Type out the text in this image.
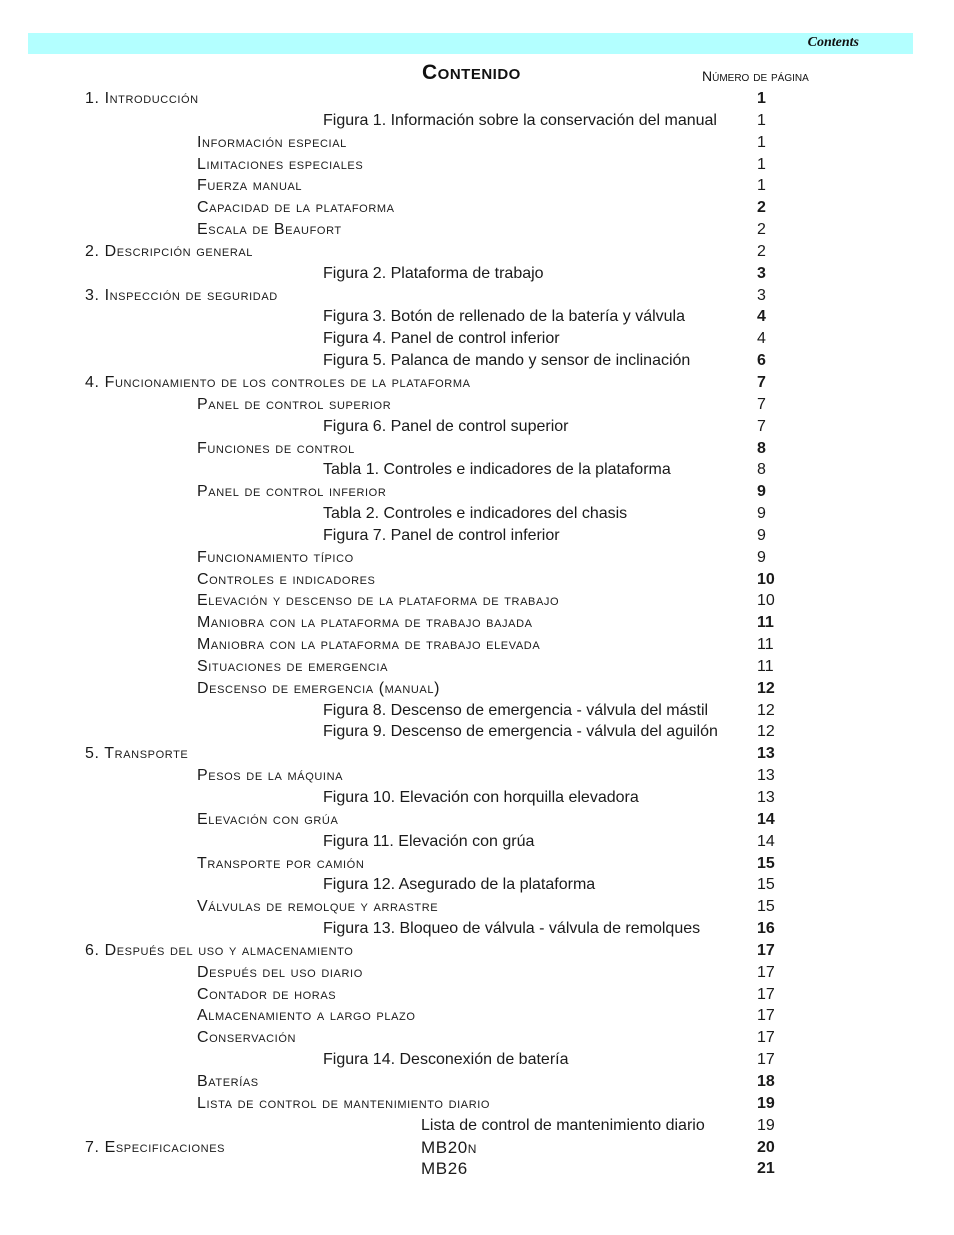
Contents
Contenido	Número de página
1. Introducción	1
Figura 1. Información sobre la conservación del manual	1
Información especial	1
Limitaciones especiales	1
Fuerza manual	1
Capacidad de la plataforma	2
Escala de Beaufort	2
2. Descripción general	2
Figura 2. Plataforma de trabajo	3
3. Inspección de seguridad	3
Figura 3. Botón de rellenado de la batería y válvula	4
Figura 4. Panel de control inferior	4
Figura 5. Palanca de mando y sensor de inclinación	6
4. Funcionamiento de los controles de la plataforma	7
Panel de control superior	7
Figura 6. Panel de control superior	7
Funciones de control	8
Tabla 1. Controles e indicadores de la plataforma	8
Panel de control inferior	9
Tabla 2. Controles e indicadores del chasis	9
Figura 7. Panel de control inferior	9
Funcionamiento típico	9
Controles e indicadores	10
Elevación y descenso de la plataforma de trabajo	10
Maniobra con la plataforma de trabajo bajada	11
Maniobra con la plataforma de trabajo elevada	11
Situaciones de emergencia	11
Descenso de emergencia (manual)	12
Figura 8. Descenso de emergencia - válvula del mástil	12
Figura 9. Descenso de emergencia - válvula del aguilón 12
5. Transporte	13
Pesos de la máquina	13
Figura 10. Elevación con horquilla elevadora	13
Elevación con grúa	14
Figura 11. Elevación con grúa	14
Transporte por camión	15
Figura 12. Asegurado de la plataforma	15
Válvulas de remolque y arrastre	15
Figura 13. Bloqueo de válvula - válvula de remolques	16
6. Después del uso y almacenamiento	17
Después del uso diario	17
Contador de horas	17
Almacenamiento a largo plazo	17
Conservación	17
Figura 14. Desconexión de batería	17
Baterías	18
Lista de control de mantenimiento diario	19
Lista de control de mantenimiento diario	19
7. Especificaciones	MB20n	20
MB26	21
